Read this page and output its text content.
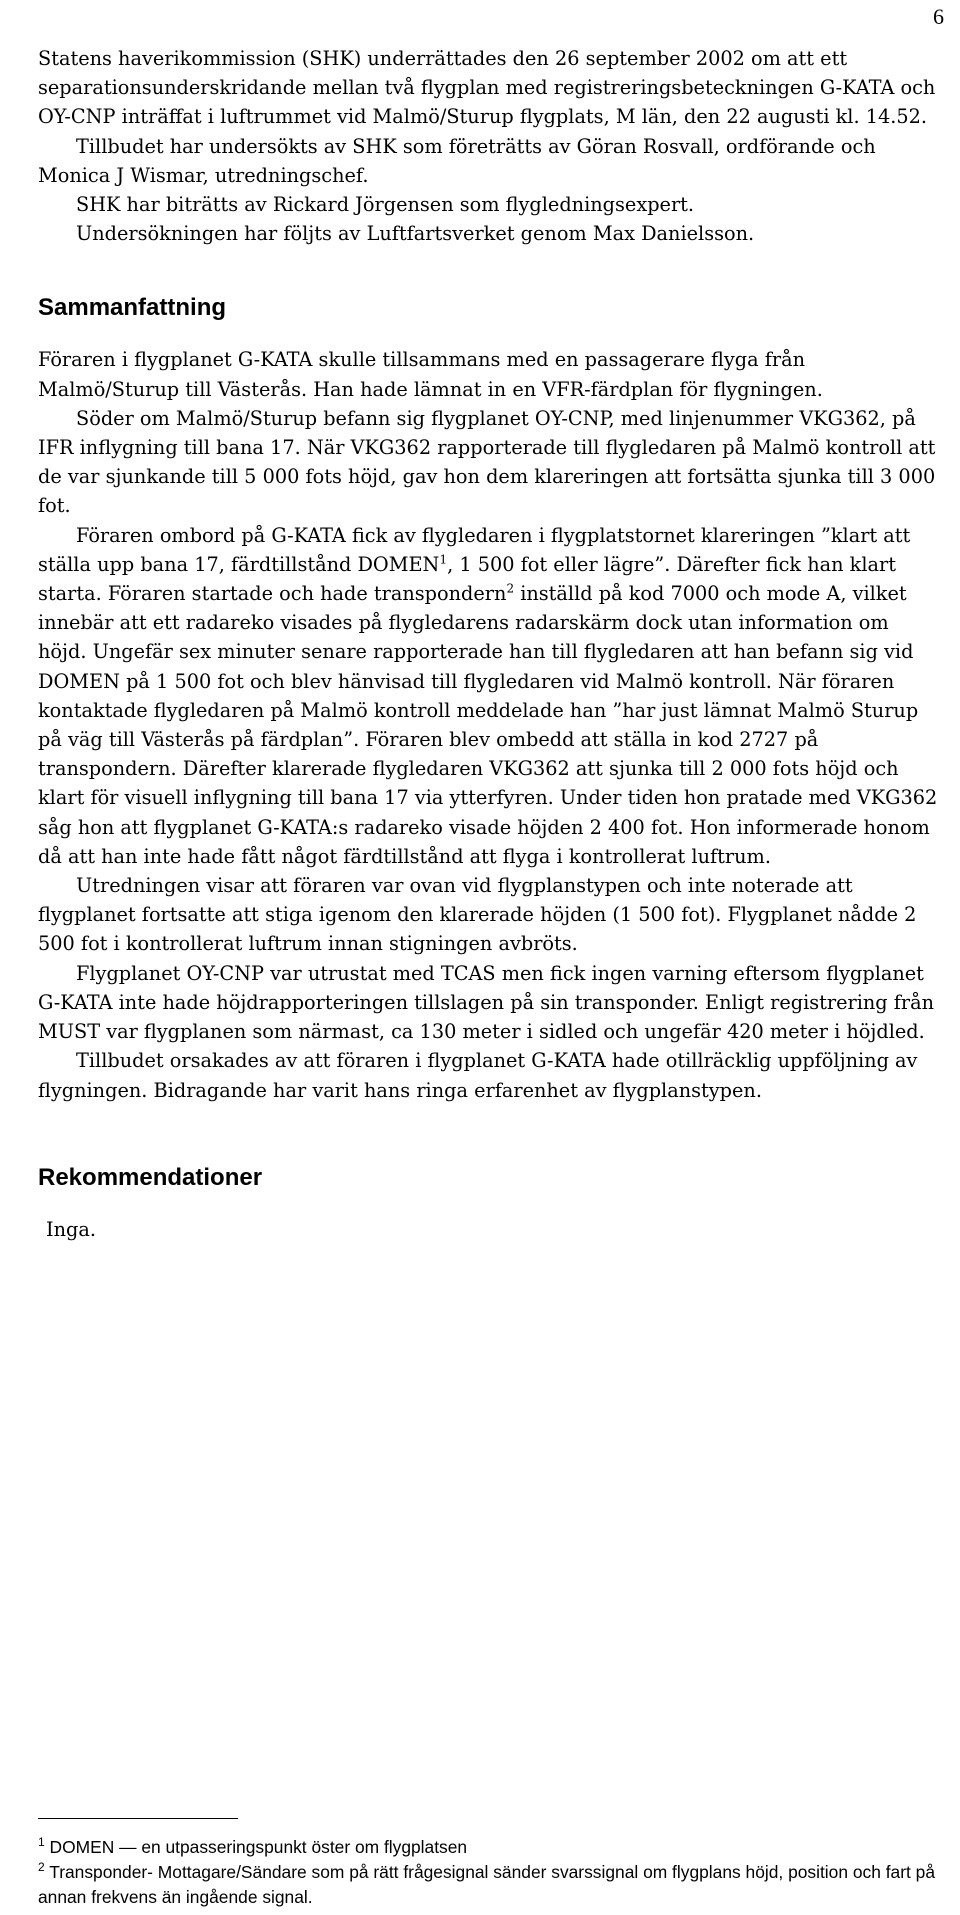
6

Statens haverikommission (SHK) underrättades den 26 september 2002 om att ett separationsunderskridande mellan två flygplan med registreringsbeteckningen G-KATA och OY-CNP inträffat i luftrummet vid Malmö/Sturup flygplats, M län, den 22 augusti kl. 14.52.

Tillbudet har undersökts av SHK som företrätts av Göran Rosvall, ordförande och Monica J Wismar, utredningschef.

SHK har biträtts av Rickard Jörgensen som flygledningsexpert.

Undersökningen har följts av Luftfartsverket genom Max Danielsson.

Sammanfattning

Föraren i flygplanet G-KATA skulle tillsammans med en passagerare flyga från Malmö/Sturup till Västerås. Han hade lämnat in en VFR-färdplan för flygningen.

Söder om Malmö/Sturup befann sig flygplanet OY-CNP, med linjenummer VKG362, på IFR inflygning till bana 17. När VKG362 rapporterade till flygledaren på Malmö kontroll att de var sjunkande till 5 000 fots höjd, gav hon dem klareringen att fortsätta sjunka till 3 000 fot.

Föraren ombord på G-KATA fick av flygledaren i flygplatstornet klareringen ”klart att ställa upp bana 17, färdtillstånd DOMEN$^1$, 1 500 fot eller lägre”. Därefter fick han klart starta. Föraren startade och hade transpondern$^2$ inställd på kod 7000 och mode A, vilket innebär att ett radareko visades på flygledarens radarskärm dock utan information om höjd. Ungefär sex minuter senare rapporterade han till flygledaren att han befann sig vid DOMEN på 1 500 fot och blev hänvisad till flygledaren vid Malmö kontroll. När föraren kontaktade flygledaren på Malmö kontroll meddelade han ”har just lämnat Malmö Sturup på väg till Västerås på färdplan”. Föraren blev ombedd att ställa in kod 2727 på transpondern. Därefter klarerade flygledaren VKG362 att sjunka till 2 000 fots höjd och klart för visuell inflygning till bana 17 via ytterfyren. Under tiden hon pratade med VKG362 såg hon att flygplanet G-KATA:s radareko visade höjden 2 400 fot. Hon informerade honom då att han inte hade fått något färdtillstånd att flyga i kontrollerat luftrum.

Utredningen visar att föraren var ovan vid flygplanstypen och inte noterade att flygplanet fortsatte att stiga igenom den klarerade höjden (1 500 fot). Flygplanet nådde 2 500 fot i kontrollerat luftrum innan stigningen avbröts.

Flygplanet OY-CNP var utrustat med TCAS men fick ingen varning eftersom flygplanet G-KATA inte hade höjdrapporteringen tillslagen på sin transponder. Enligt registrering från MUST var flygplanen som närmast, ca 130 meter i sidled och ungefär 420 meter i höjdled.

Tillbudet orsakades av att föraren i flygplanet G-KATA hade otillräcklig uppföljning av flygningen. Bidragande har varit hans ringa erfarenhet av flygplanstypen.

Rekommendationer

Inga.

$^1$ DOMEN — en utpasseringspunkt öster om flygplatsen

$^2$ Transponder- Mottagare/Sändare som på rätt frågesignal sänder svarssignal om flygplans höjd, position och fart på annan frekvens än ingående signal.
